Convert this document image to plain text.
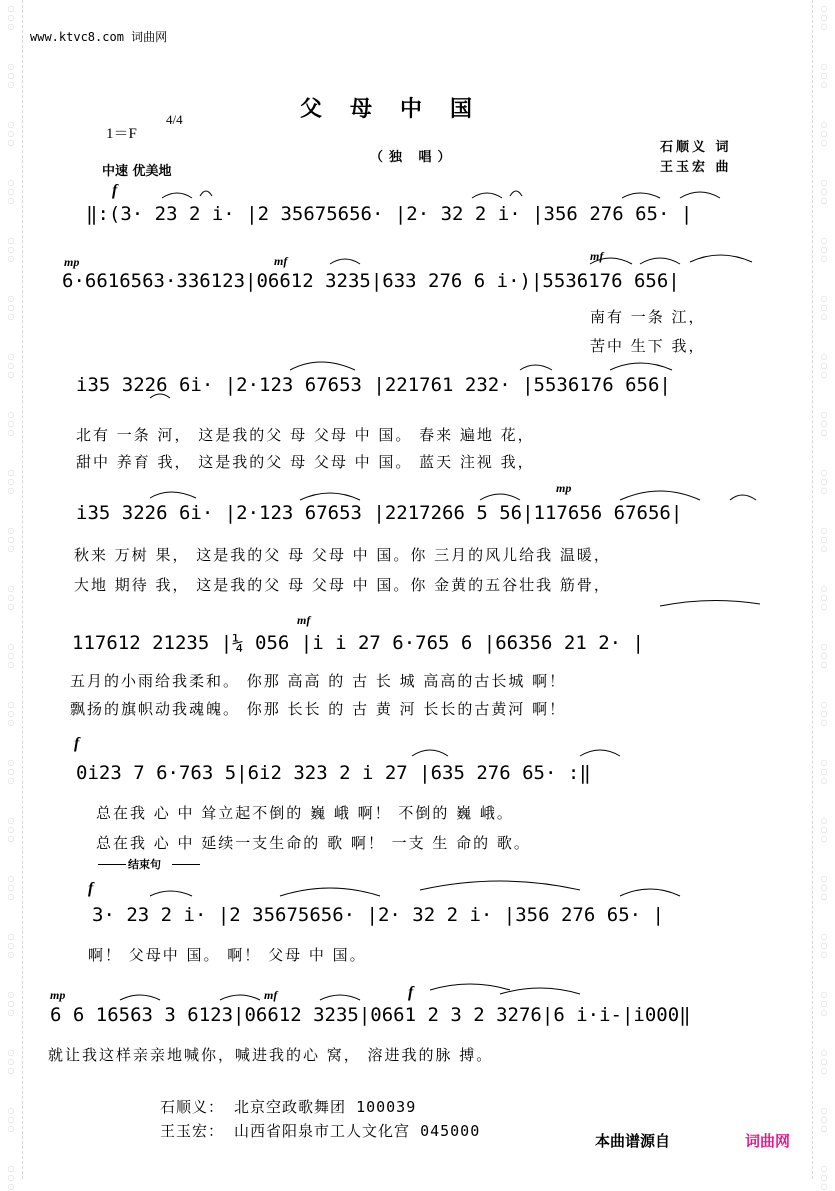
○
○
○
○
○
○
○
○
○
○
○
○
○
○
○
○
○
○
○
○
○
○
○
○
○
○
○
○
○
○
○
○
○
○
○
○
○
○
○
○
○
○
○
○
○
○
○
○
○
○
○
○
○
○
○
○
○
○
○
○
○
○
○
○
○
○
○
○
○
○
○
○
○
○
○
○
○
○
○
○
○
○
○
○
○
○
○
○
○
○
○
○
○
○
○
○
○
○
○
○
○
○
○
○
○
○
○
○
○
○
○
○
○
○
○
○
○
○
○
○
○
○
○
○
○
○
www.ktvc8.com 词曲网
父母中国
1＝F
4/4
（独 唱）
石顺义 词
王玉宏 曲
中速 优美地
f
mp	mf	mf
mp
mf
f
f
mp	mf	f
‖:(3· 23 2 i· |2 35675656· |2· 32 2 i· |356 276 65· |
6·6616563·336123|06612 3235|633 276 6 i·)|5536176 656|
i35 3226 6i· |2·123 67653 |221761 232· |5536176 656|
i35 3226 6i· |2·123 67653 |2217266 5 56|117656 67656|
117612 21235 |¼ 056 |i i 27 6·765 6 |66356 21 2· |
0i23 7 6·763 5|6i2 323 2 i 27 |635 276 65· :‖
3· 23 2 i· |2 35675656· |2· 32 2 i· |356 276 65· |
6 6 16563 3 6123|06612 3235|0661 2 3 2 3276|6 i·i-|i000‖
南有 一条 江，
苦中 生下 我，
北有 一条 河， 这是我的父 母 父母 中 国。 春来 遍地 花，
甜中 养育 我， 这是我的父 母 父母 中 国。 蓝天 注视 我，
秋来 万树 果， 这是我的父 母 父母 中 国。你 三月的风儿给我 温暖，
大地 期待 我， 这是我的父 母 父母 中 国。你 金黄的五谷壮我 筋骨，
五月的小雨给我柔和。 你那 高高 的 古 长 城 高高的古长城 啊！
飘扬的旗帜动我魂魄。 你那 长长 的 古 黄 河 长长的古黄河 啊！
总在我 心 中 耸立起不倒的 巍 峨 啊！ 不倒的 巍 峨。
总在我 心 中 延续一支生命的 歌 啊！ 一支 生 命的 歌。
啊！ 父母中 国。 啊！ 父母 中 国。
就让我这样亲亲地喊你，喊进我的心 窝， 溶进我的脉 搏。
结束句
石顺义： 北京空政歌舞团 100039
王玉宏： 山西省阳泉市工人文化宫 045000
本曲谱源自	词曲网
